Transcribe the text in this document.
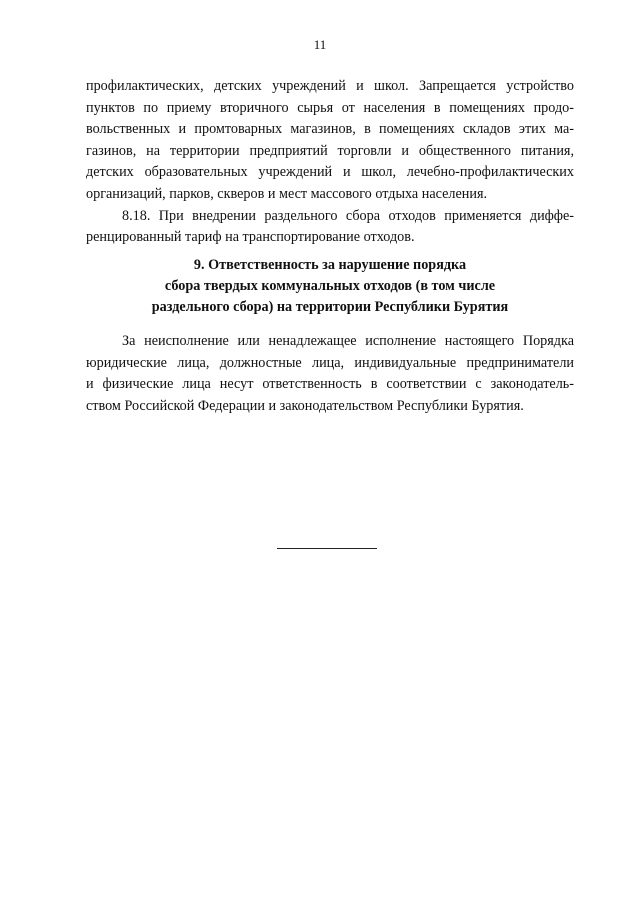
11
профилактических, детских учреждений и школ. Запрещается устройство
пунктов по приему вторичного сырья от населения в помещениях продо-
вольственных и промтоварных магазинов, в помещениях складов этих ма-
газинов, на территории предприятий торговли и общественного питания,
детских образовательных учреждений и школ, лечебно-профилактических
организаций, парков, скверов и мест массового отдыха населения.
8.18. При внедрении раздельного сбора отходов применяется диффе-
ренцированный тариф на транспортирование отходов.
9. Ответственность за нарушение порядка
сбора твердых коммунальных отходов (в том числе
раздельного сбора) на территории Республики Бурятия
За неисполнение или ненадлежащее исполнение настоящего Порядка
юридические лица, должностные лица, индивидуальные предприниматели
и физические лица несут ответственность в соответствии с законодатель-
ством Российской Федерации и законодательством Республики Бурятия.
